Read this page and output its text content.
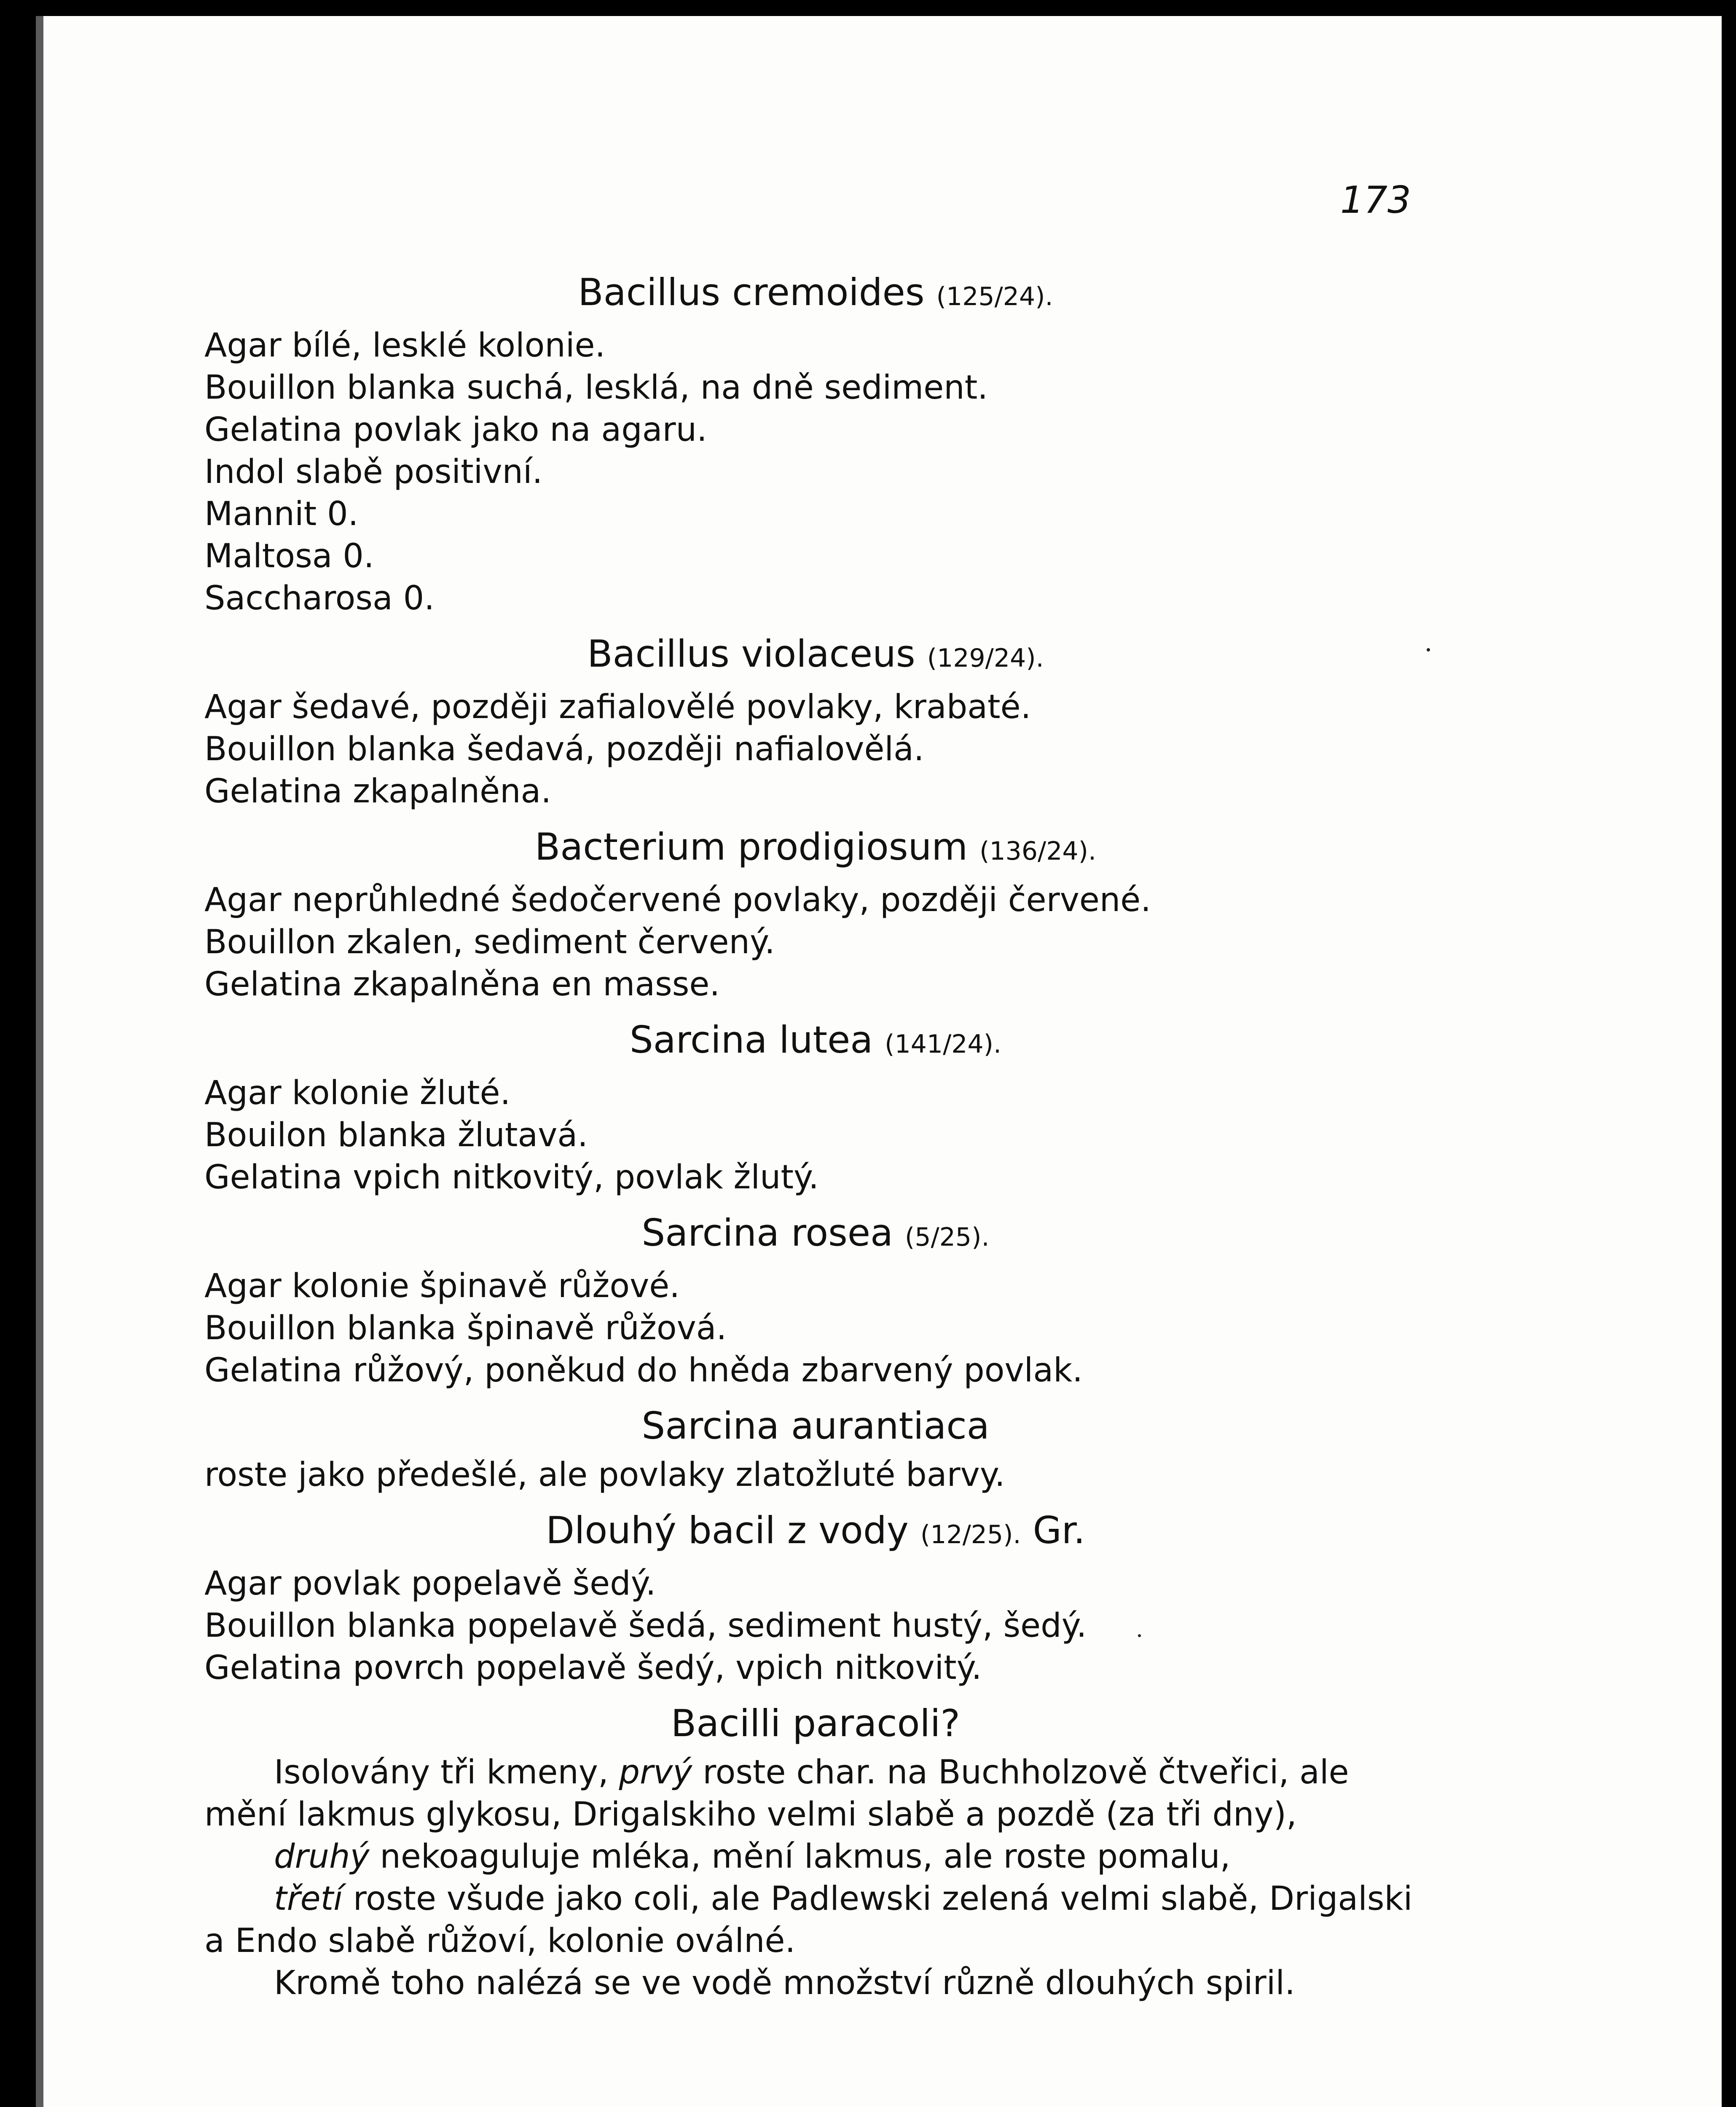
173
Bacillus cremoides (125/24).
Agar bílé, lesklé kolonie.
Bouillon blanka suchá, lesklá, na dně sediment.
Gelatina povlak jako na agaru.
Indol slabě positivní.
Mannit 0.
Maltosa 0.
Saccharosa 0.
Bacillus violaceus (129/24).
Agar šedavé, později zafialovělé povlaky, krabaté.
Bouillon blanka šedavá, později nafialovělá.
Gelatina zkapalněna.
Bacterium prodigiosum (136/24).
Agar neprůhledné šedočervené povlaky, později červené.
Bouillon zkalen, sediment červený.
Gelatina zkapalněna en masse.
Sarcina lutea (141/24).
Agar kolonie žluté.
Bouilon blanka žlutavá.
Gelatina vpich nitkovitý, povlak žlutý.
Sarcina rosea (5/25).
Agar kolonie špinavě růžové.
Bouillon blanka špinavě růžová.
Gelatina růžový, poněkud do hněda zbarvený povlak.
Sarcina aurantiaca
roste jako předešlé, ale povlaky zlatožluté barvy.
Dlouhý bacil z vody (12/25). Gr.
Agar povlak popelavě šedý.
Bouillon blanka popelavě šedá, sediment hustý, šedý.
Gelatina povrch popelavě šedý, vpich nitkovitý.
Bacilli paracoli?
Isolovány tři kmeny, prvý roste char. na Buchholzově čtveřici, ale mění lakmus glykosu, Drigalskiho velmi slabě a pozdě (za tři dny),
druhý nekoaguluje mléka, mění lakmus, ale roste pomalu,
třetí roste všude jako coli, ale Padlewski zelená velmi slabě, Drigalski a Endo slabě růžoví, kolonie oválné.
Kromě toho nalézá se ve vodě množství různě dlouhých spiril.
